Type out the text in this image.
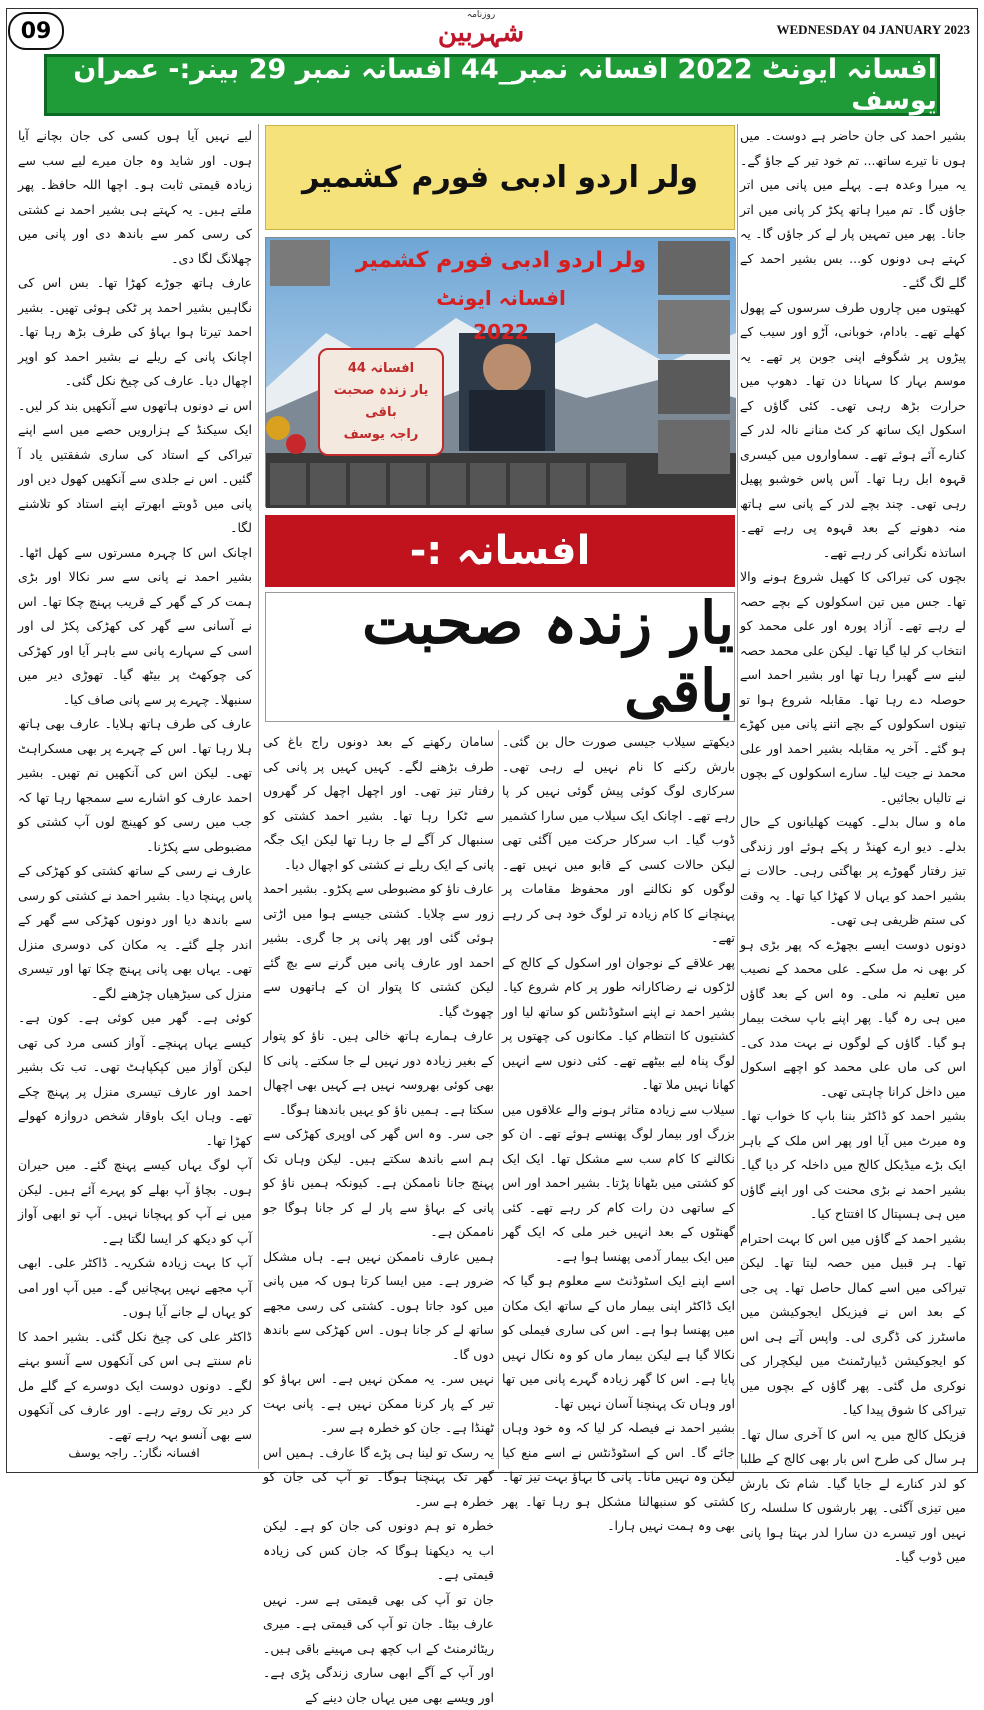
09
روزنامہ
شہربین	WEDNESDAY 04 JANUARY 2023
افسانہ ایونٹ 2022 افسانہ نمبر_44 افسانہ نمبر 29 بینر:- عمران یوسف

بشیر احمد کی جان حاضر ہے دوست۔ میں ہوں نا تیرے ساتھ... تم خود تیر کے جاؤ گے۔ یہ میرا وعدہ ہے۔ پہلے میں پانی میں اتر جاؤں گا۔ تم میرا ہاتھ پکڑ کر پانی میں اتر جانا۔ پھر میں تمہیں پار لے کر جاؤں گا۔ یہ کہتے ہی دونوں کو... بس بشیر احمد کے گلے لگ گئے۔

کھیتوں میں چاروں طرف سرسوں کے پھول کھلے تھے۔ بادام، خوبانی، آڑو اور سیب کے پیڑوں پر شگوفے اپنی جوبن پر تھے۔ یہ موسم بہار کا سہانا دن تھا۔ دھوپ میں حرارت بڑھ رہی تھی۔ کئی گاؤں کے اسکول ایک ساتھ کر کٹ منانے نالہ لدر کے کنارے آئے ہوئے تھے۔ سماواروں میں کیسری قہوہ ابل رہا تھا۔ آس پاس خوشبو پھیل رہی تھی۔ چند بچے لدر کے پانی سے ہاتھ منہ دھونے کے بعد قہوہ پی رہے تھے۔ اساتذہ نگرانی کر رہے تھے۔

بچوں کی تیراکی کا کھیل شروع ہونے والا تھا۔ جس میں تین اسکولوں کے بچے حصہ لے رہے تھے۔ آزاد پورہ اور علی محمد کو انتخاب کر لیا گیا تھا۔ لیکن علی محمد حصہ لینے سے گھبرا رہا تھا اور بشیر احمد اسے حوصلہ دے رہا تھا۔ مقابلہ شروع ہوا تو تینوں اسکولوں کے بچے اتنے پانی میں کھڑے ہو گئے۔ آخر یہ مقابلہ بشیر احمد اور علی محمد نے جیت لیا۔ سارے اسکولوں کے بچوں نے تالیاں بجائیں۔

ماہ و سال بدلے۔ کھیت کھلیانوں کے حال بدلے۔ دیو ارے کھنڈ ر پکے ہوئے اور زندگی تیز رفتار گھوڑے پر بھاگتی رہی۔ حالات نے بشیر احمد کو یہاں لا کھڑا کیا تھا۔ یہ وقت کی ستم ظریفی ہی تھی۔

دونوں دوست ایسے بچھڑے کہ پھر بڑی ہو کر بھی نہ مل سکے۔ علی محمد کے نصیب میں تعلیم نہ ملی۔ وہ اس کے بعد گاؤں میں ہی رہ گیا۔ پھر اپنے باپ سخت بیمار ہو گیا۔ گاؤں کے لوگوں نے بہت مدد کی۔ اس کی ماں علی محمد کو اچھے اسکول میں داخل کرانا چاہتی تھی۔

بشیر احمد کو ڈاکٹر بننا باپ کا خواب تھا۔ وہ میرٹ میں آیا اور پھر اس ملک کے باہر ایک بڑے میڈیکل کالج میں داخلہ کر دیا گیا۔ بشیر احمد نے بڑی محنت کی اور اپنے گاؤں میں ہی ہسپتال کا افتتاح کیا۔

بشیر احمد کے گاؤں میں اس کا بہت احترام تھا۔ ہر قبیل میں حصہ لیتا تھا۔ لیکن تیراکی میں اسے کمال حاصل تھا۔ پی جی کے بعد اس نے فیزیکل ایجوکیشن میں ماسٹرز کی ڈگری لی۔ واپس آتے ہی اس کو ایجوکیشن ڈیپارٹمنٹ میں لیکچرار کی نوکری مل گئی۔ پھر گاؤں کے بچوں میں تیراکی کا شوق پیدا کیا۔

فزیکل کالج میں یہ اس کا آخری سال تھا۔ ہر سال کی طرح اس بار بھی کالج کے طلبا کو لدر کنارے لے جایا گیا۔ شام تک بارش میں تیزی آگئی۔ پھر بارشوں کا سلسلہ رکا نہیں اور تیسرے دن سارا لدر بہتا ہوا پانی میں ڈوب گیا۔

ولر اردو ادبی فورم کشمیر
ولر اردو ادبی فورم کشمیر
افسانہ ایونٹ
2022
افسانہ 44
یار زندہ صحبت باقی
راجہ یوسف
افسانہ :-
یار زندہ صحبت باقی

دیکھتے سیلاب جیسی صورت حال بن گئی۔ بارش رکنے کا نام نہیں لے رہی تھی۔ سرکاری لوگ کوئی پیش گوئی نہیں کر پا رہے تھے۔ اچانک ایک سیلاب میں سارا کشمیر ڈوب گیا۔ اب سرکار حرکت میں آگئی تھی لیکن حالات کسی کے قابو میں نہیں تھے۔ لوگوں کو نکالنے اور محفوظ مقامات پر پہنچانے کا کام زیادہ تر لوگ خود ہی کر رہے تھے۔

پھر علاقے کے نوجوان اور اسکول کے کالج کے لڑکوں نے رضاکارانہ طور پر کام شروع کیا۔ بشیر احمد نے اپنے اسٹوڈنٹس کو ساتھ لیا اور کشتیوں کا انتظام کیا۔ مکانوں کی چھتوں پر لوگ پناہ لیے بیٹھے تھے۔ کئی دنوں سے انہیں کھانا نہیں ملا تھا۔

سیلاب سے زیادہ متاثر ہونے والے علاقوں میں بزرگ اور بیمار لوگ پھنسے ہوئے تھے۔ ان کو نکالنے کا کام سب سے مشکل تھا۔ ایک ایک کو کشتی میں بٹھانا پڑتا۔ بشیر احمد اور اس کے ساتھی دن رات کام کر رہے تھے۔ کئی گھنٹوں کے بعد انہیں خبر ملی کہ ایک گھر میں ایک بیمار آدمی پھنسا ہوا ہے۔

اسے اپنے ایک اسٹوڈنٹ سے معلوم ہو گیا کہ ایک ڈاکٹر اپنی بیمار ماں کے ساتھ ایک مکان میں پھنسا ہوا ہے۔ اس کی ساری فیملی کو نکالا گیا ہے لیکن بیمار ماں کو وہ نکال نہیں پایا ہے۔ اس کا گھر زیادہ گہرے پانی میں تھا اور وہاں تک پہنچنا آسان نہیں تھا۔

بشیر احمد نے فیصلہ کر لیا کہ وہ خود وہاں جائے گا۔ اس کے اسٹوڈنٹس نے اسے منع کیا لیکن وہ نہیں مانا۔ پانی کا بہاؤ بہت تیز تھا۔ کشتی کو سنبھالنا مشکل ہو رہا تھا۔ پھر بھی وہ ہمت نہیں ہارا۔

سامان رکھنے کے بعد دونوں راج باغ کی طرف بڑھنے لگے۔ کہیں کہیں پر پانی کی رفتار تیز تھی۔ اور اچھل اچھل کر گھروں سے ٹکرا رہا تھا۔ بشیر احمد کشتی کو سنبھال کر آگے لے جا رہا تھا لیکن ایک جگہ پانی کے ایک ریلے نے کشتی کو اچھال دیا۔

عارف ناؤ کو مضبوطی سے پکڑو۔ بشیر احمد زور سے چلایا۔ کشتی جیسے ہوا میں اڑتی ہوئی گئی اور پھر پانی پر جا گری۔ بشیر احمد اور عارف پانی میں گرنے سے بچ گئے لیکن کشتی کا پتوار ان کے ہاتھوں سے چھوٹ گیا۔

عارف ہمارے ہاتھ خالی ہیں۔ ناؤ کو پتوار کے بغیر زیادہ دور نہیں لے جا سکتے۔ پانی کا بھی کوئی بھروسہ نہیں ہے کہیں بھی اچھال سکتا ہے۔ ہمیں ناؤ کو یہیں باندھنا ہوگا۔

جی سر۔ وہ اس گھر کی اوپری کھڑکی سے ہم اسے باندھ سکتے ہیں۔ لیکن وہاں تک پہنچ جانا ناممکن ہے۔ کیونکہ ہمیں ناؤ کو پانی کے بہاؤ سے پار لے کر جانا ہوگا جو ناممکن ہے۔

ہمیں عارف ناممکن نہیں ہے۔ ہاں مشکل ضرور ہے۔ میں ایسا کرتا ہوں کہ میں پانی میں کود جاتا ہوں۔ کشتی کی رسی مجھے ساتھ لے کر جانا ہوں۔ اس کھڑکی سے باندھ دوں گا۔

نہیں سر۔ یہ ممکن نہیں ہے۔ اس بہاؤ کو تیر کے پار کرنا ممکن نہیں ہے۔ پانی بہت ٹھنڈا ہے۔ جان کو خطرہ ہے سر۔

یہ رسک تو لینا ہی پڑے گا عارف۔ ہمیں اس گھر تک پہنچنا ہوگا۔ تو آپ کی جان کو خطرہ ہے سر۔

خطرہ تو ہم دونوں کی جان کو ہے۔ لیکن اب یہ دیکھنا ہوگا کہ جان کس کی زیادہ قیمتی ہے۔

جان تو آپ کی بھی قیمتی ہے سر۔ نہیں عارف بیٹا۔ جان تو آپ کی قیمتی ہے۔ میری ریٹائرمنٹ کے اب کچھ ہی مہینے باقی ہیں۔ اور آپ کے آگے ابھی ساری زندگی پڑی ہے۔ اور ویسے بھی میں یہاں جان دینے کے

لیے نہیں آیا ہوں کسی کی جان بچانے آیا ہوں۔ اور شاید وہ جان میرے لیے سب سے زیادہ قیمتی ثابت ہو۔ اچھا اللہ حافظ۔ پھر ملتے ہیں۔ یہ کہتے ہی بشیر احمد نے کشتی کی رسی کمر سے باندھ دی اور پانی میں چھلانگ لگا دی۔

عارف ہاتھ جوڑے کھڑا تھا۔ بس اس کی نگاہیں بشیر احمد پر ٹکی ہوئی تھیں۔ بشیر احمد تیرتا ہوا بہاؤ کی طرف بڑھ رہا تھا۔ اچانک پانی کے ریلے نے بشیر احمد کو اوپر اچھال دیا۔ عارف کی چیخ نکل گئی۔

اس نے دونوں ہاتھوں سے آنکھیں بند کر لیں۔ ایک سیکنڈ کے ہزارویں حصے میں اسے اپنے تیراکی کے استاد کی ساری شفقتیں یاد آ گئیں۔ اس نے جلدی سے آنکھیں کھول دیں اور پانی میں ڈوبتے ابھرتے اپنے استاد کو تلاشنے لگا۔

اچانک اس کا چہرہ مسرتوں سے کھل اٹھا۔ بشیر احمد نے پانی سے سر نکالا اور بڑی ہمت کر کے گھر کے قریب پہنچ چکا تھا۔ اس نے آسانی سے گھر کی کھڑکی پکڑ لی اور اسی کے سہارے پانی سے باہر آیا اور کھڑکی کی چوکھٹ پر بیٹھ گیا۔ تھوڑی دیر میں سنبھلا۔ چہرے پر سے پانی صاف کیا۔

عارف کی طرف ہاتھ ہلایا۔ عارف بھی ہاتھ ہلا رہا تھا۔ اس کے چہرے پر بھی مسکراہٹ تھی۔ لیکن اس کی آنکھیں نم تھیں۔ بشیر احمد عارف کو اشارے سے سمجھا رہا تھا کہ جب میں رسی کو کھینچ لوں آپ کشتی کو مضبوطی سے پکڑنا۔

عارف نے رسی کے ساتھ کشتی کو کھڑکی کے پاس پہنچا دیا۔ بشیر احمد نے کشتی کو رسی سے باندھ دیا اور دونوں کھڑکی سے گھر کے اندر چلے گئے۔ یہ مکان کی دوسری منزل تھی۔ یہاں بھی پانی پہنچ چکا تھا اور تیسری منزل کی سیڑھیاں چڑھنے لگے۔

کوئی ہے۔ گھر میں کوئی ہے۔ کون ہے۔ کیسے یہاں پہنچے۔ آواز کسی مرد کی تھی لیکن آواز میں کپکپاہٹ تھی۔ تب تک بشیر احمد اور عارف تیسری منزل پر پہنچ چکے تھے۔ وہاں ایک باوقار شخص دروازہ کھولے کھڑا تھا۔

آپ لوگ یہاں کیسے پہنچ گئے۔ میں حیران ہوں۔ بچاؤ آپ بھلے کو پہرے آئے ہیں۔ لیکن میں نے آپ کو پہچانا نہیں۔ آپ تو ابھی آواز آپ کو دیکھ کر ایسا لگتا ہے۔

آپ کا بہت زیادہ شکریہ۔ ڈاکٹر علی۔ ابھی آپ مجھے نہیں پہچانیں گے۔ میں آپ اور امی کو یہاں لے جانے آیا ہوں۔

ڈاکٹر علی کی چیخ نکل گئی۔ بشیر احمد کا نام سنتے ہی اس کی آنکھوں سے آنسو بہنے لگے۔ دونوں دوست ایک دوسرے کے گلے مل کر دیر تک روتے رہے۔ اور عارف کی آنکھوں سے بھی آنسو بہہ رہے تھے۔

افسانہ نگار:۔ راجہ یوسف
